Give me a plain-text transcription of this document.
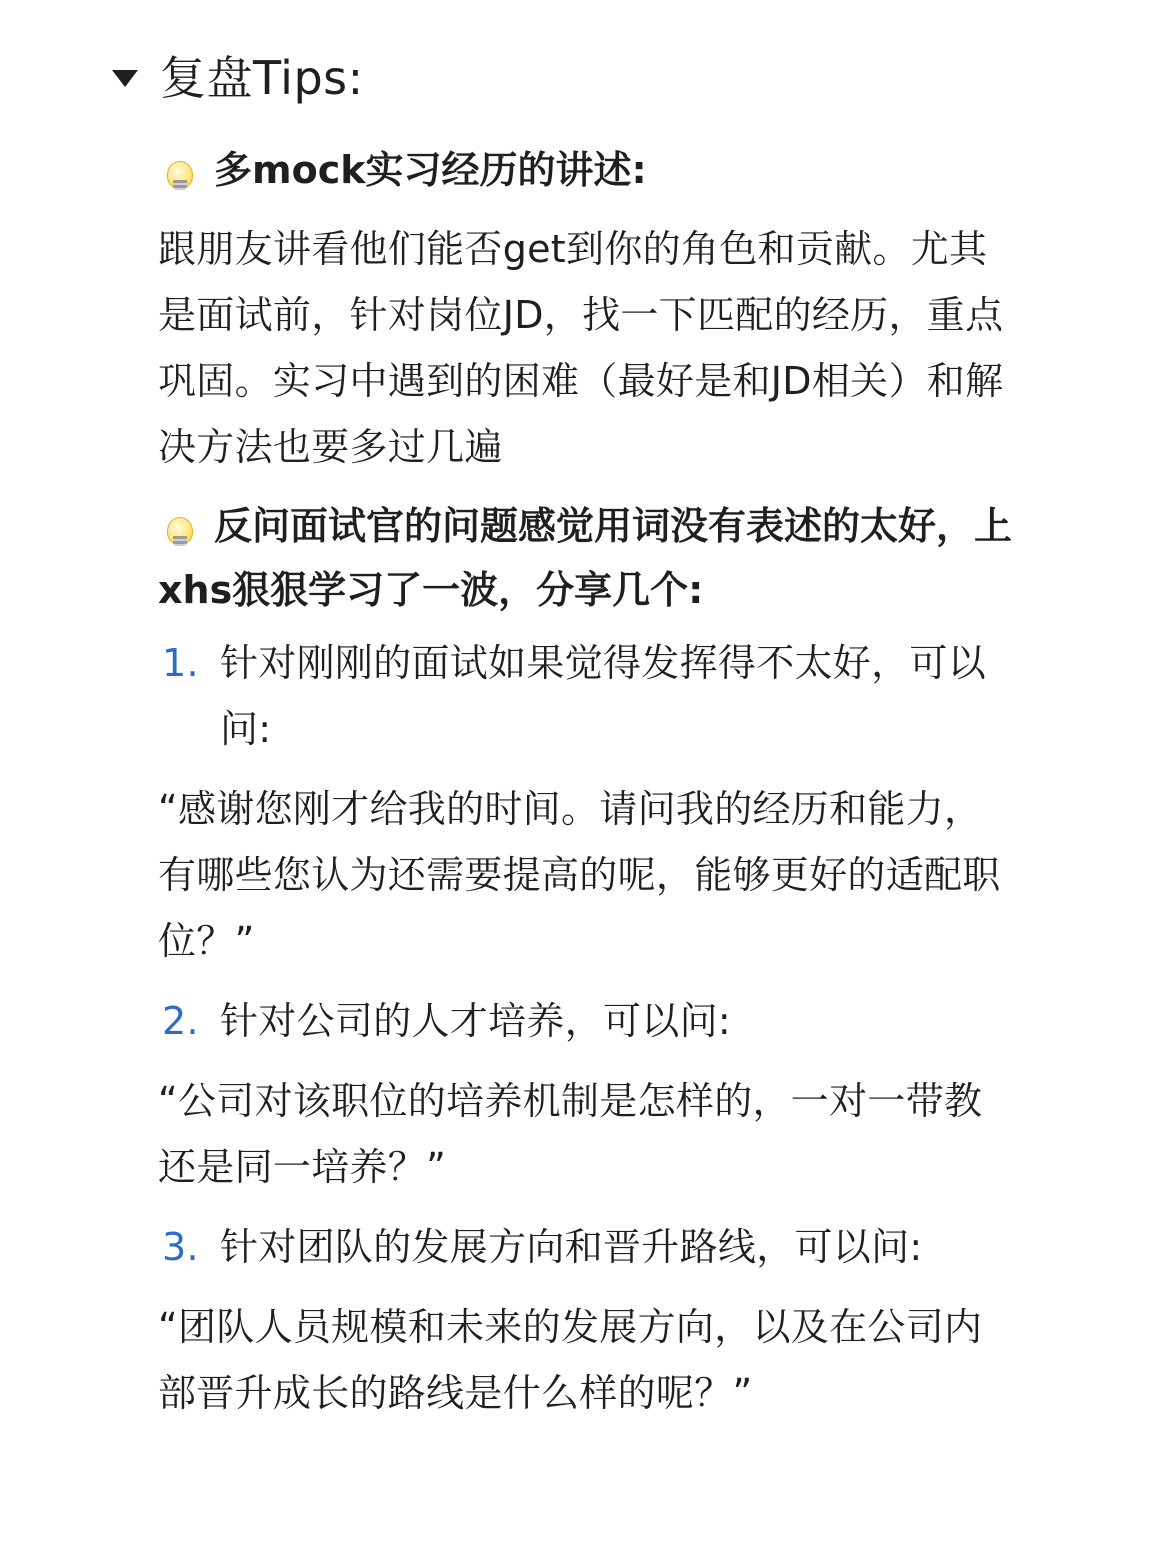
复盘Tips:

多mock实习经历的讲述:

跟朋友讲看他们能否get到你的角色和贡献。尤其是面试前，针对岗位JD，找一下匹配的经历，重点巩固。实习中遇到的困难（最好是和JD相关）和解决方法也要多过几遍

反问面试官的问题感觉用词没有表述的太好，上xhs狠狠学习了一波，分享几个:

1. 针对刚刚的面试如果觉得发挥得不太好，可以问:

“感谢您刚才给我的时间。请问我的经历和能力，有哪些您认为还需要提高的呢，能够更好的适配职位？”

2. 针对公司的人才培养，可以问:

“公司对该职位的培养机制是怎样的，一对一带教还是同一培养？”

3. 针对团队的发展方向和晋升路线，可以问:

“团队人员规模和未来的发展方向，以及在公司内部晋升成长的路线是什么样的呢？”
